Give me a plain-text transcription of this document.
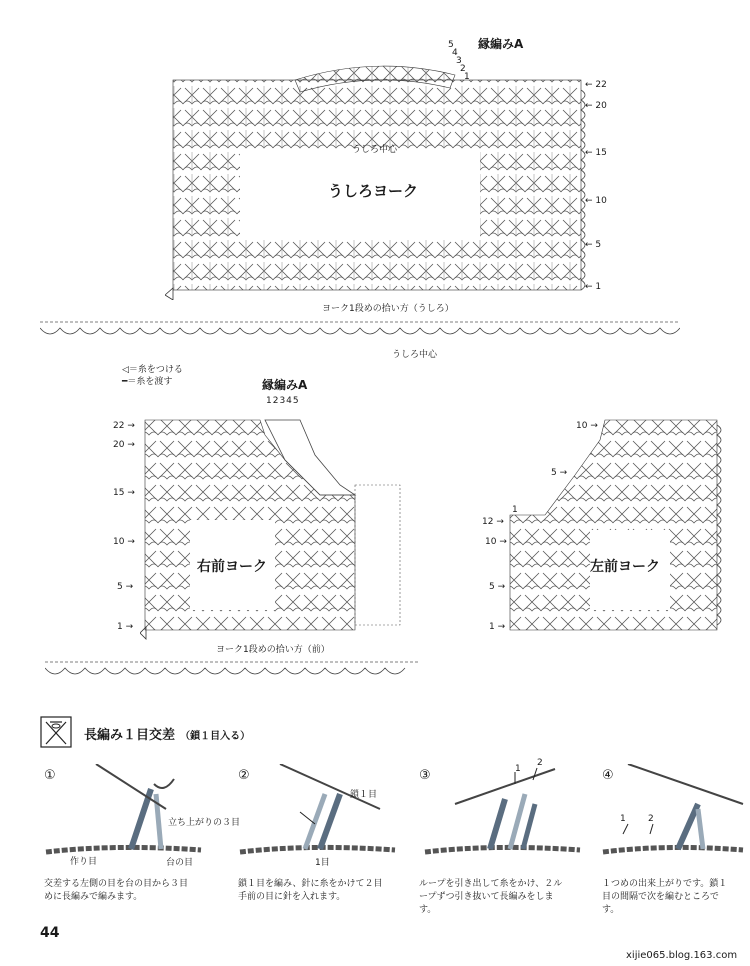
うしろヨーク
うしろ中心
縁編みA
5
4
3
2
1
← 22
← 20
← 15
← 10
← 5
← 1
ヨーク1段めの拾い方（うしろ）
うしろ中心
◁＝糸をつける
━＝糸を渡す	縁編みA
12345
右前ヨーク
22 →
20 →
15 →
10 →
5 →
1 →
ヨーク1段めの拾い方（前）
左前ヨーク
10 →
5 →
12 →
10 →
5 →
1 →
1
長編み１目交差 （鎖１目入る）
①
立ち上がりの３目
作り目	台の目
交差する左側の目を台の目から３目めに長編みで編みます。
②
鎖１目
1目
鎖１目を編み、針に糸をかけて２目手前の目に針を入れます。
③	1
2
ループを引き出して糸をかけ、２ループずつ引き抜いて長編みをします。
④
1 2
１つめの出来上がりです。鎖１目の間隔で次を編むところです。
44
xijie065.blog.163.com
